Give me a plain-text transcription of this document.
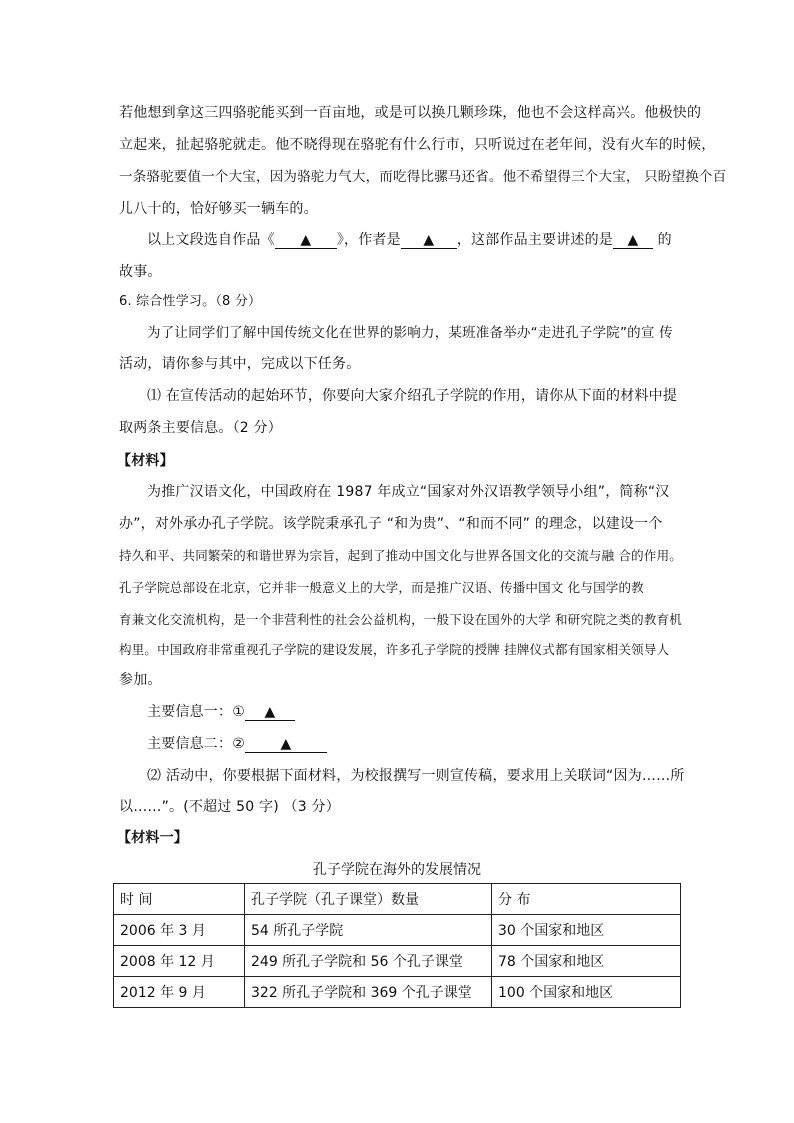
若他想到拿这三四骆驼能买到一百亩地，或是可以换几颗珍珠，他也不会这样高兴。他极快的
立起来，扯起骆驼就走。他不晓得现在骆驼有什么行市，只听说过在老年间，没有火车的时候，
一条骆驼要值一个大宝，因为骆驼力气大，而吃得比骡马还省。他不希望得三个大宝， 只盼望换个百
儿八十的，恰好够买一辆车的。
以上文段选自作品《 ▲ 》，作者是 ▲ ，这部作品主要讲述的是 ▲ 的
故事。
6. 综合性学习。（8 分）
为了让同学们了解中国传统文化在世界的影响力，某班准备举办“走进孔子学院”的宣 传
活动，请你参与其中，完成以下任务。
⑴ 在宣传活动的起始环节，你要向大家介绍孔子学院的作用，请你从下面的材料中提
取两条主要信息。（2 分）
【材料】
为推广汉语文化，中国政府在 1987 年成立“国家对外汉语教学领导小组”，简称“汉
办”，对外承办孔子学院。该学院秉承孔子 “和为贵”、“和而不同” 的理念，以建设一个
持久和平、共同繁荣的和谐世界为宗旨，起到了推动中国文化与世界各国文化的交流与融 合的作用。
孔子学院总部设在北京，它并非一般意义上的大学，而是推广汉语、传播中国文 化与国学的教
育兼文化交流机构，是一个非营利性的社会公益机构，一般下设在国外的大学 和研究院之类的教育机
构里。中国政府非常重视孔子学院的建设发展，许多孔子学院的授牌 挂牌仪式都有国家相关领导人
参加。
主要信息一：① ▲
主要信息二：②	▲
⑵ 活动中，你要根据下面材料，为校报撰写一则宣传稿，要求用上关联词“因为……所
以……”。(不超过 50 字) （3 分）
【材料一】
孔子学院在海外的发展情况
时 间	孔子学院（孔子课堂）数量	分 布
2006 年 3 月	54 所孔子学院	30 个国家和地区
2008 年 12 月	249 所孔子学院和 56 个孔子课堂	78 个国家和地区
2012 年 9 月	322 所孔子学院和 369 个孔子课堂	100 个国家和地区
